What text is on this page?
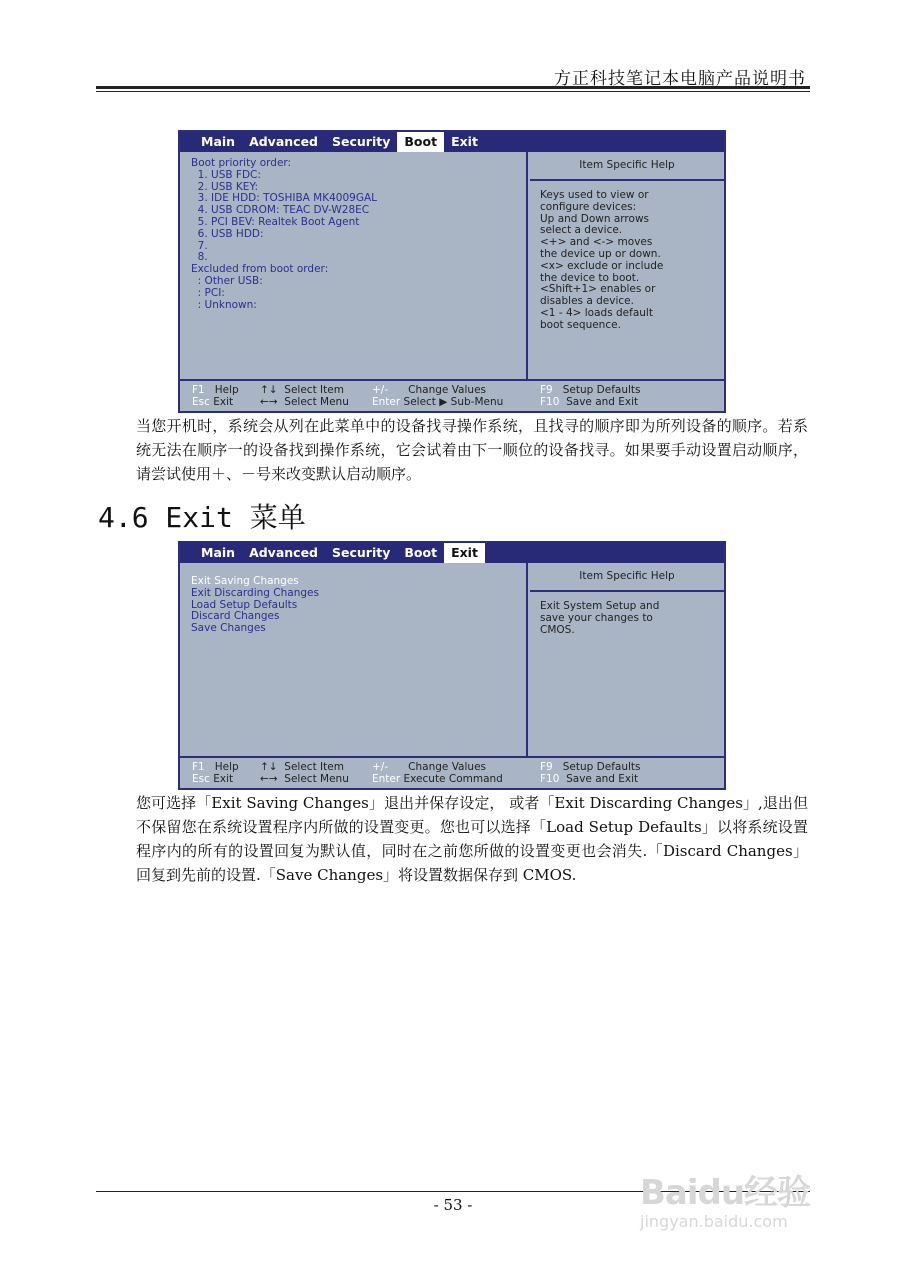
方正科技笔记本电脑产品说明书
Main	Advanced	Security	Boot	Exit
Boot priority order:
1. USB FDC:
2. USB KEY:
3. IDE HDD: TOSHIBA MK4009GAL
4. USB CDROM: TEAC DV-W28EC
5. PCI BEV: Realtek Boot Agent
6. USB HDD:
7.
8.
Excluded from boot order:
: Other USB:
: PCI:
: Unknown:
Item Specific Help
Keys used to view or
configure devices:
Up and Down arrows
select a device.
<+> and <-> moves
the device up or down.
<x> exclude or include
the device to boot.
<Shift+1> enables or
disables a device.
<1 - 4> loads default
boot sequence.
F1 Help
Esc Exit
↑↓ Select Item
←→ Select Menu
+/- Change Values
Enter Select ▶ Sub-Menu
F9 Setup Defaults
F10 Save and Exit
当您开机时，系统会从列在此菜单中的设备找寻操作系统，且找寻的顺序即为所列设备的顺序。若系统无法在顺序一的设备找到操作系统，它会试着由下一顺位的设备找寻。如果要手动设置启动顺序，请尝试使用＋、－号来改变默认启动顺序。
4.6 Exit 菜单
Main	Advanced	Security	Boot	Exit
Exit Saving Changes
Exit Discarding Changes
Load Setup Defaults
Discard Changes
Save Changes
Item Specific Help
Exit System Setup and
save your changes to
CMOS.
F1 Help
Esc Exit
↑↓ Select Item
←→ Select Menu
+/- Change Values
Enter Execute Command
F9 Setup Defaults
F10 Save and Exit
您可选择「Exit Saving Changes」退出并保存设定， 或者「Exit Discarding Changes」,退出但不保留您在系统设置程序内所做的设置变更。您也可以选择「Load Setup Defaults」以将系统设置程序内的所有的设置回复为默认值，同时在之前您所做的设置变更也会消失.「Discard Changes」回复到先前的设置.「Save Changes」将设置数据保存到 CMOS.
- 53 -	Baidu经验
jingyan.baidu.com
